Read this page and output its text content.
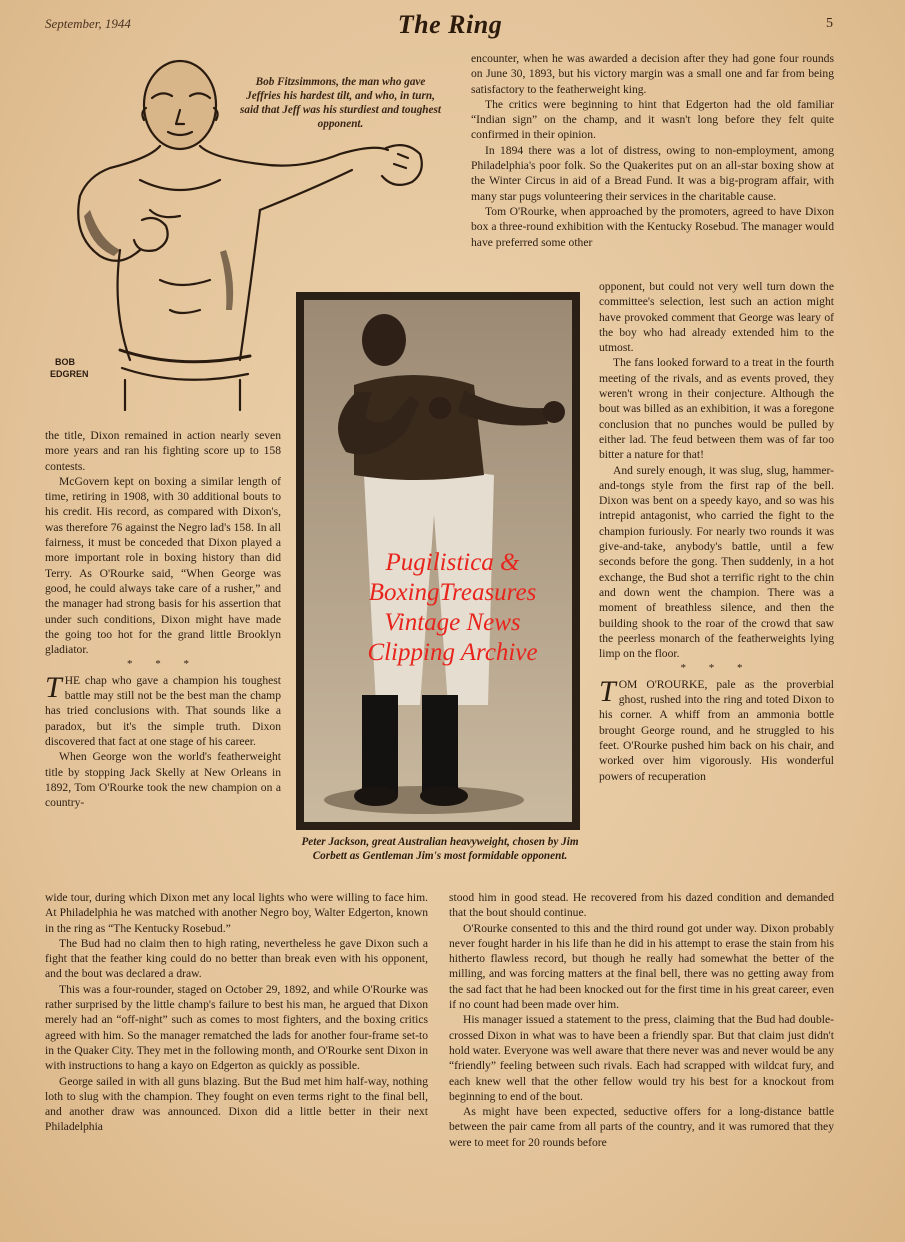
September, 1944	The Ring	5
BOB
EDGREN

Bob Fitzsimmons, the man who gave Jeffries his hardest tilt, and who, in turn, said that Jeff was his sturdiest and toughest opponent.

Peter Jackson, great Australian heavyweight, chosen by Jim Corbett as Gentleman Jim's most formidable opponent.

encounter, when he was awarded a decision after they had gone four rounds on June 30, 1893, but his victory margin was a small one and far from being satisfactory to the featherweight king.

The critics were beginning to hint that Edgerton had the old familiar “Indian sign” on the champ, and it wasn't long before they felt quite confirmed in their opinion.

In 1894 there was a lot of distress, owing to non-employment, among Philadelphia's poor folk. So the Quakerites put on an all-star boxing show at the Winter Circus in aid of a Bread Fund. It was a big-program affair, with many star pugs volunteering their services in the charitable cause.

Tom O'Rourke, when approached by the promoters, agreed to have Dixon box a three-round exhibition with the Kentucky Rosebud. The manager would have preferred some other

opponent, but could not very well turn down the committee's selection, lest such an action might have provoked comment that George was leary of the boy who had already extended him to the utmost.

The fans looked forward to a treat in the fourth meeting of the rivals, and as events proved, they weren't wrong in their conjecture. Although the bout was billed as an exhibition, it was a foregone conclusion that no punches would be pulled by either lad. The feud between them was of far too bitter a nature for that!

And surely enough, it was slug, slug, hammer-and-tongs style from the first rap of the bell. Dixon was bent on a speedy kayo, and so was his intrepid antagonist, who carried the fight to the champion furiously. For nearly two rounds it was give-and-take, anybody's battle, until a few seconds before the gong. Then suddenly, in a hot exchange, the Bud shot a terrific right to the chin and down went the champion. There was a moment of breathless silence, and then the building shook to the roar of the crowd that saw the peerless monarch of the featherweights lying limp on the floor.

* * *

TOM O'ROURKE, pale as the proverbial ghost, rushed into the ring and toted Dixon to his corner. A whiff from an ammonia bottle brought George round, and he struggled to his feet. O'Rourke pushed him back on his chair, and worked over him vigorously. His wonderful powers of recuperation

stood him in good stead. He recovered from his dazed condition and demanded that the bout should continue.

O'Rourke consented to this and the third round got under way. Dixon probably never fought harder in his life than he did in his attempt to erase the stain from his hitherto flawless record, but though he really had somewhat the better of the milling, and was forcing matters at the final bell, there was no getting away from the sad fact that he had been knocked out for the first time in his great career, even if no count had been made over him.

His manager issued a statement to the press, claiming that the Bud had double-crossed Dixon in what was to have been a friendly spar. But that claim just didn't hold water. Everyone was well aware that there never was and never would be any “friendly” feeling between such rivals. Each had scrapped with wildcat fury, and each knew well that the other fellow would try his best for a knockout from beginning to end of the bout.

As might have been expected, seductive offers for a long-distance battle between the pair came from all parts of the country, and it was rumored that they were to meet for 20 rounds before

the title, Dixon remained in action nearly seven more years and ran his fighting score up to 158 contests.

McGovern kept on boxing a similar length of time, retiring in 1908, with 30 additional bouts to his credit. His record, as compared with Dixon's, was therefore 76 against the Negro lad's 158. In all fairness, it must be conceded that Dixon played a more important role in boxing history than did Terry. As O'Rourke said, “When George was good, he could always take care of a rusher,” and the manager had strong basis for his assertion that under such conditions, Dixon might have made the going too hot for the grand little Brooklyn gladiator.

* * *

THE chap who gave a champion his toughest battle may still not be the best man the champ has tried conclusions with. That sounds like a paradox, but it's the simple truth. Dixon discovered that fact at one stage of his career.

When George won the world's featherweight title by stopping Jack Skelly at New Orleans in 1892, Tom O'Rourke took the new champion on a country-

wide tour, during which Dixon met any local lights who were willing to face him. At Philadelphia he was matched with another Negro boy, Walter Edgerton, known in the ring as “The Kentucky Rosebud.”

The Bud had no claim then to high rating, nevertheless he gave Dixon such a fight that the feather king could do no better than break even with his opponent, and the bout was declared a draw.

This was a four-rounder, staged on October 29, 1892, and while O'Rourke was rather surprised by the little champ's failure to best his man, he argued that Dixon merely had an “off-night” such as comes to most fighters, and the boxing critics agreed with him. So the manager rematched the lads for another four-frame set-to in the Quaker City. They met in the following month, and O'Rourke sent Dixon in with instructions to hang a kayo on Edgerton as quickly as possible.

George sailed in with all guns blazing. But the Bud met him half-way, nothing loth to slug with the champion. They fought on even terms right to the final bell, and another draw was announced. Dixon did a little better in their next Philadelphia

Pugilistica &
BoxingTreasures
Vintage News
Clipping Archive
